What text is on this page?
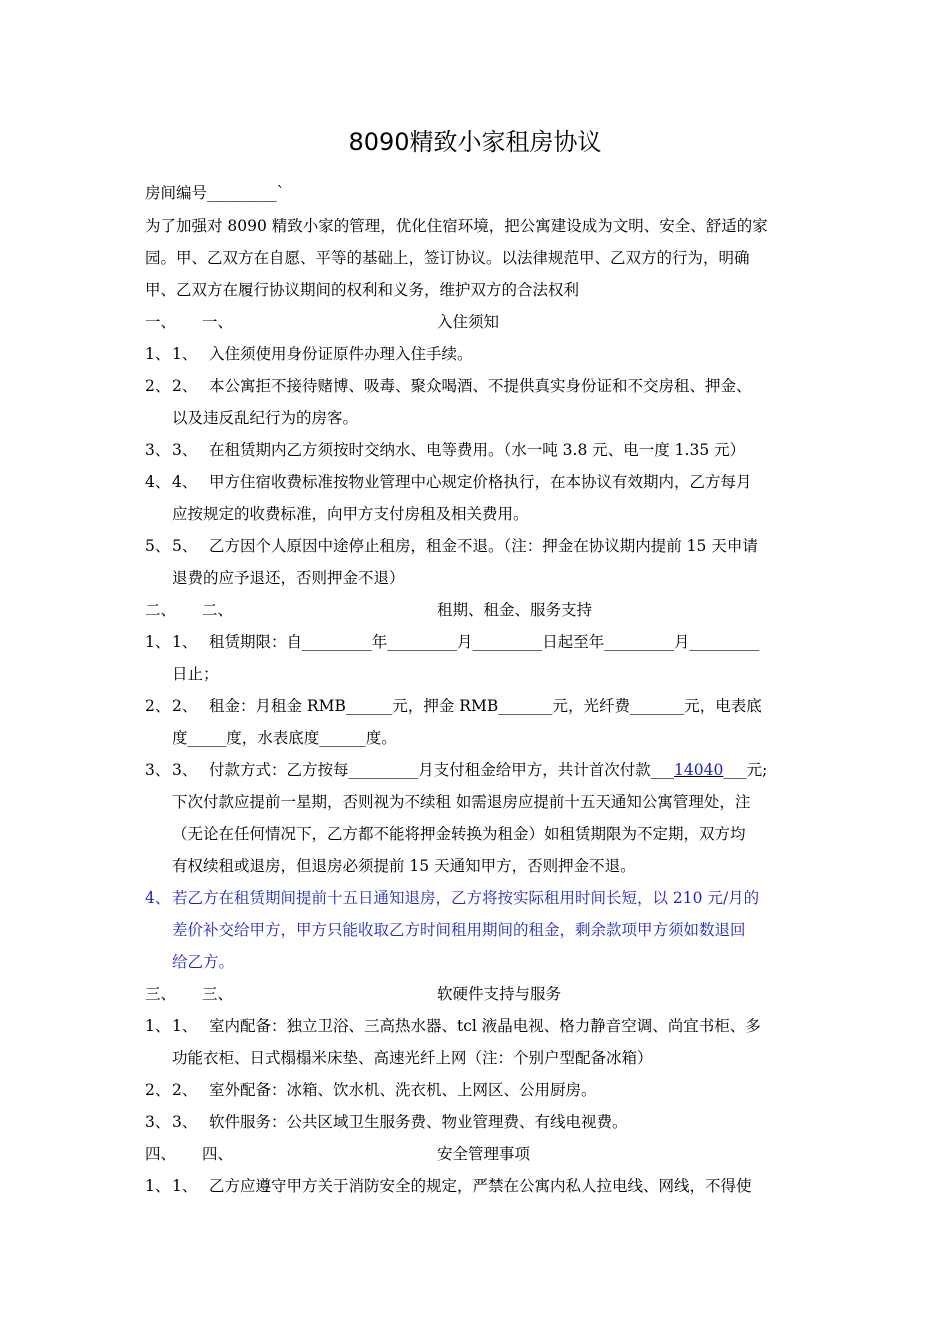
8090精致小家租房协议
房间编号_________`
为了加强对 8090 精致小家的管理，优化住宿环境，把公寓建设成为文明、安全、舒适的家
园。甲、乙双方在自愿、平等的基础上，签订协议。以法律规范甲、乙双方的行为，明确
甲、乙双方在履行协议期间的权利和义务，维护双方的合法权利
一、 一、	入住须知
1、 1、 入住须使用身份证原件办理入住手续。
2、 2、 本公寓拒不接待赌博、吸毒、聚众喝酒、不提供真实身份证和不交房租、押金、
以及违反乱纪行为的房客。
3、 3、 在租赁期内乙方须按时交纳水、电等费用。（水一吨 3.8 元、电一度 1.35 元）
4、 4、 甲方住宿收费标准按物业管理中心规定价格执行，在本协议有效期内，乙方每月
应按规定的收费标准，向甲方支付房租及相关费用。
5、 5、 乙方因个人原因中途停止租房，租金不退。（注：押金在协议期内提前 15 天申请
退费的应予退还，否则押金不退）
二、 二、	租期、租金、服务支持
1、 1、 租赁期限：自_________年_________月_________日起至年_________月_________
日止；
2、 2、 租金：月租金 RMB______元，押金 RMB_______元，光纤费_______元，电表底
度_____度，水表底度______度。
3、 3、 付款方式：乙方按每_________月支付租金给甲方，共计首次付款___14040___元;
下次付款应提前一星期，否则视为不续租 如需退房应提前十五天通知公寓管理处，注
（无论在任何情况下，乙方都不能将押金转换为租金）如租赁期限为不定期，双方均
有权续租或退房，但退房必须提前 15 天通知甲方，否则押金不退。
4、 若乙方在租赁期间提前十五日通知退房，乙方将按实际租用时间长短，以 210 元/月的
差价补交给甲方，甲方只能收取乙方时间租用期间的租金，剩余款项甲方须如数退回
给乙方。
三、 三、	软硬件支持与服务
1、 1、 室内配备：独立卫浴、三高热水器、tcl 液晶电视、格力静音空调、尚宜书柜、多
功能衣柜、日式榻榻米床垫、高速光纤上网（注：个别户型配备冰箱）
2、 2、 室外配备：冰箱、饮水机、洗衣机、上网区、公用厨房。
3、 3、 软件服务：公共区域卫生服务费、物业管理费、有线电视费。
四、 四、	安全管理事项
1、 1、 乙方应遵守甲方关于消防安全的规定，严禁在公寓内私人拉电线、网线，不得使
